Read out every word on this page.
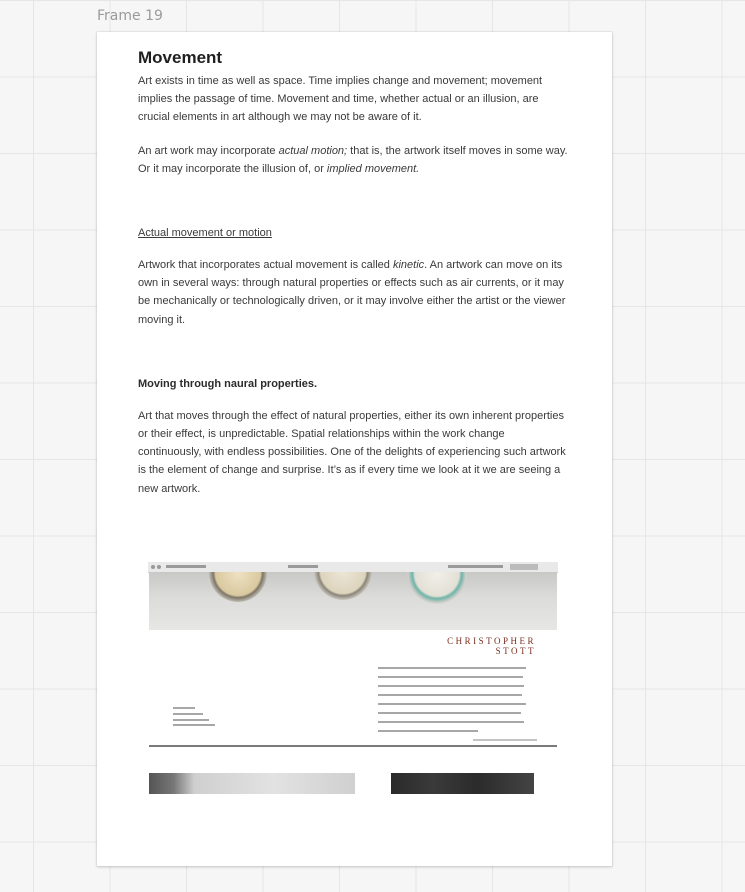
Frame 19
Movement

Art exists in time as well as space. Time implies change and movement; movement implies the passage of time. Movement and time, whether actual or an illusion, are crucial elements in art although we may not be aware of it.

An art work may incorporate actual motion; that is, the artwork itself moves in some way. Or it may incorporate the illusion of, or implied movement.

Actual movement or motion

Artwork that incorporates actual movement is called kinetic. An artwork can move on its own in several ways: through natural properties or effects such as air currents, or it may be mechanically or technologically driven, or it may involve either the artist or the viewer moving it.

Moving through naural properties.

Art that moves through the effect of natural properties, either its own inherent properties or their effect, is unpredictable. Spatial relationships within the work change continuously, with endless possibilities. One of the delights of experiencing such artwork is the element of change and surprise. It’s as if every time we look at it we are seeing a new artwork.

CHRISTOPHER
STOTT
